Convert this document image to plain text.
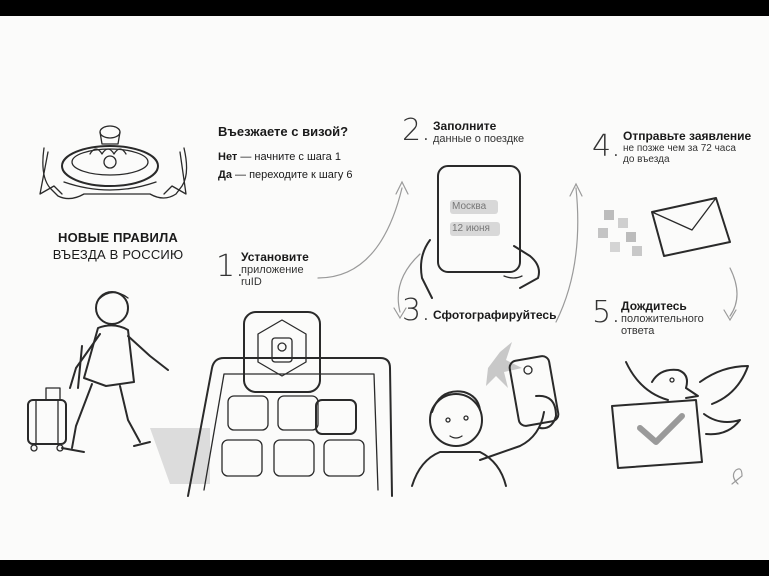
НОВЫЕ ПРАВИЛА
ВЪЕЗДА В РОССИЮ
Въезжаете с визой?
Нет — начните с шага 1
Да — переходите к шагу 6
1.
Установите
приложение ruID
2. Заполните
данные о поездке
Москва
12 июня
3. Сфотографируйтесь
4. Отправьте заявление
не позже чем за 72 часа до въезда
5. Дождитесь
положительного ответа
